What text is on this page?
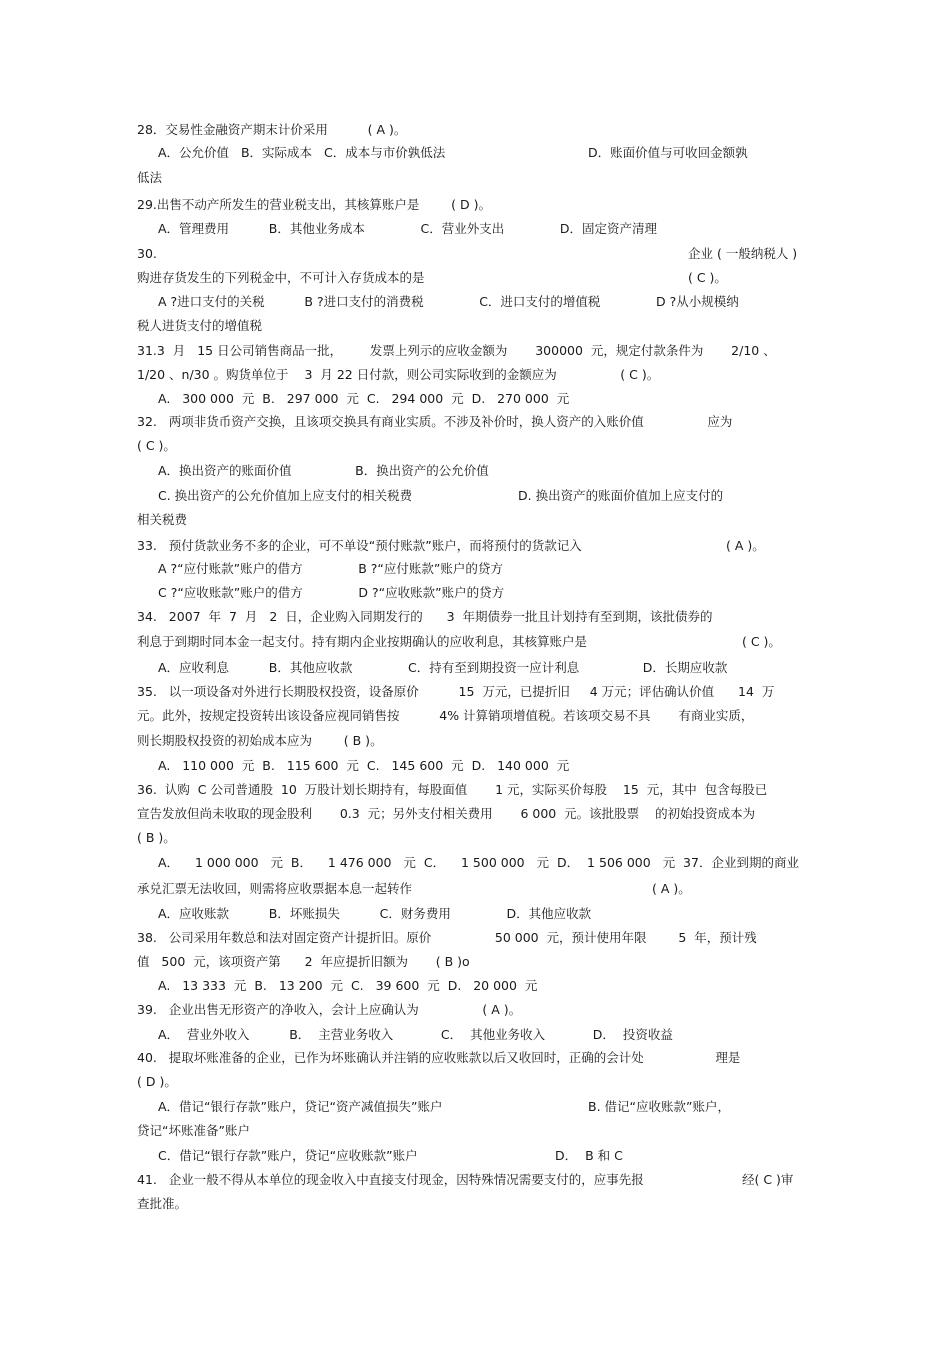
28．交易性金融资产期末计价采用          ( A )。
A．公允价值   B．实际成本   C．成本与市价孰低法	D．账面价值与可收回金额孰
低法
29.出售不动产所发生的营业税支出，其核算账户是        ( D )。
A．管理费用          B．其他业务成本              C．营业外支出              D．固定资产清理
30.	企业 ( 一般纳税人 )
购进存货发生的下列税金中，不可计入存货成本的是	( C )。
A ?进口支付的关税          B ?进口支付的消费税              C．进口支付的增值税              D ?从小规模纳
税人进货支付的增值税
31.3  月   15 日公司销售商品一批，       发票上列示的应收金额为       300000  元，规定付款条件为       2/10 、
1/20 、n/30 。购货单位于    3  月 22 日付款，则公司实际收到的金额应为                ( C )。
A.   300 000  元  B.   297 000  元  C.   294 000  元  D.   270 000  元
32.   两项非货币资产交换，且该项交换具有商业实质。不涉及补价时，换人资产的入账价值                应为
( C )。
A．换出资产的账面价值                B．换出资产的公允价值
C. 换出资产的公允价值加上应支付的相关税费	D. 换出资产的账面价值加上应支付的
相关税费
33.   预付货款业务不多的企业，可不单设“预付账款”账户，而将预付的货款记入	( A )。
A ?“应付账款”账户的借方              B ?“应付账款”账户的贷方
C ?“应收账款”账户的借方              D ?“应收账款”账户的贷方
34.   2007  年  7  月   2  日，企业购入同期发行的      3  年期债券一批且计划持有至到期，该批债券的
利息于到期时同本金一起支付。持有期内企业按期确认的应收利息，其核算账户是	( C )。
A．应收利息          B．其他应收款              C．持有至到期投资一应计利息                D．长期应收款
35.   以一项设备对外进行长期股权投资，设备原价          15  万元，已提折旧     4 万元；评估确认价值      14  万
元。此外，按规定投资转出该设备应视同销售按          4% 计算销项增值税。若该项交易不具       有商业实质，
则长期股权投资的初始成本应为        ( B )。
A.   110 000  元  B.   115 600  元  C.   145 600  元  D.   140 000  元
36.  认购  C 公司普通股  10  万股计划长期持有，每股面值       1 元，实际买价每股    15  元，其中  包含每股已
宣告发放但尚未收取的现金股利       0.3  元；另外支付相关费用       6 000  元。该批股票    的初始投资成本为
( B )。
A．    1 000 000   元  B．    1 476 000   元  C．    1 500 000   元  D．  1 506 000   元  37．企业到期的商业
承兑汇票无法收回，则需将应收票据本息一起转作	( A )。
A．应收账款          B．坏账损失          C．财务费用              D．其他应收款
38.   公司采用年数总和法对固定资产计提折旧。原价                50 000  元，预计使用年限        5  年，预计残
值   500  元，该项资产第      2  年应提折旧额为       ( B )o
A.   13 333  元  B.   13 200  元  C.   39 600  元  D.   20 000  元
39.   企业出售无形资产的净收入，会计上应确认为                ( A )。
A．  营业外收入          B．  主营业务收入            C．  其他业务收入            D．  投资收益
40.   提取坏账准备的企业，已作为坏账确认并注销的应收账款以后又收回时，正确的会计处                  理是
( D )。
A．借记“银行存款”账户，贷记“资产减值损失”账户	B. 借记“应收账款”账户，
贷记“坏账准备”账户
C．借记“银行存款”账户，贷记“应收账款”账户	D．  B 和 C
41.   企业一般不得从本单位的现金收入中直接支付现金，因特殊情况需要支付的，应事先报	经( C )审
查批准。
